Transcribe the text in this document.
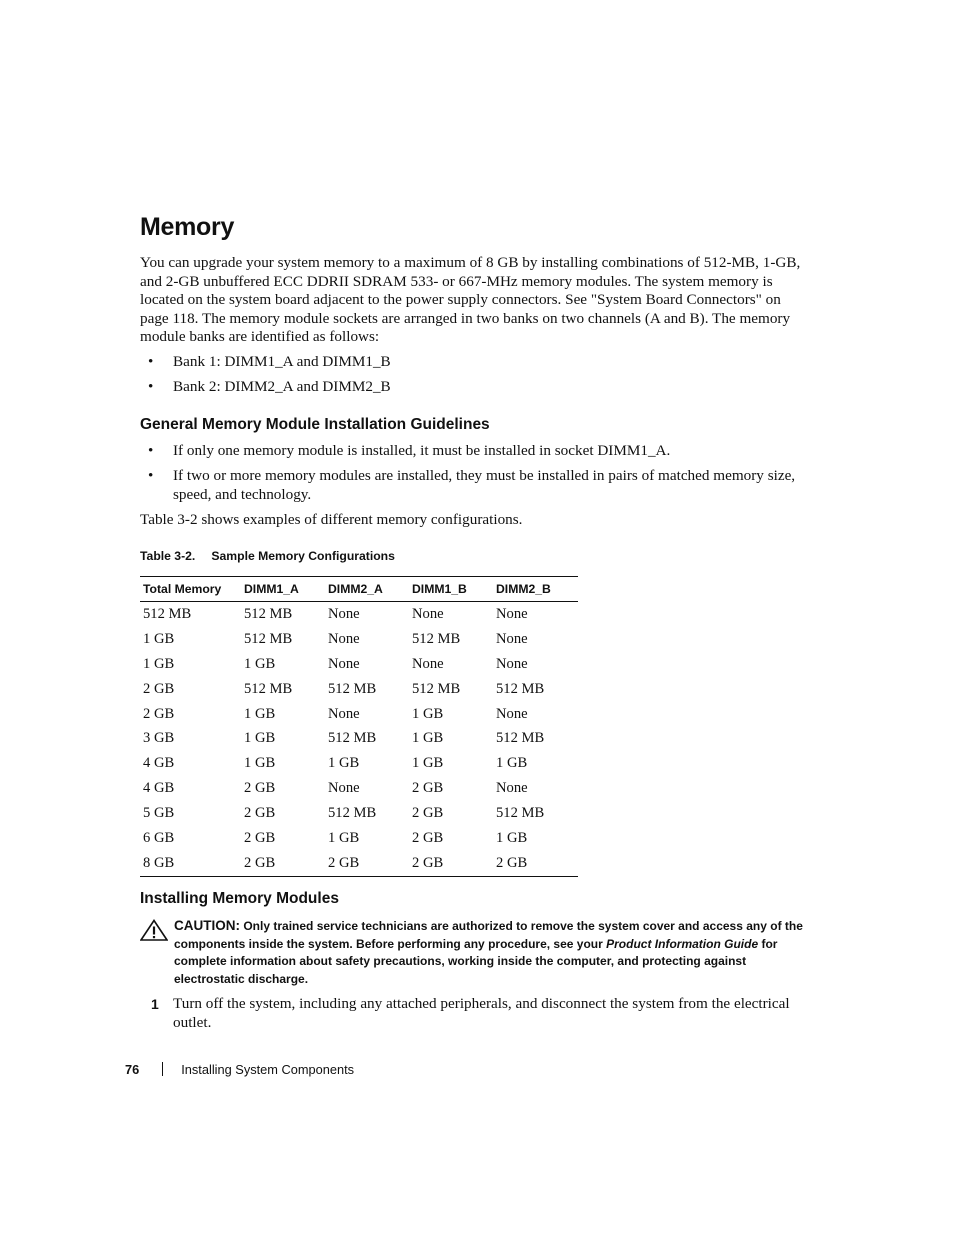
Memory

You can upgrade your system memory to a maximum of 8 GB by installing combinations of 512-MB, 1-GB, and 2-GB unbuffered ECC DDRII SDRAM 533- or 667-MHz memory modules. The system memory is located on the system board adjacent to the power supply connectors. See "System Board Connectors" on page 118. The memory module sockets are arranged in two banks on two channels (A and B). The memory module banks are identified as follows:

• Bank 1: DIMM1_A and DIMM1_B
• Bank 2: DIMM2_A and DIMM2_B
General Memory Module Installation Guidelines
• If only one memory module is installed, it must be installed in socket DIMM1_A.
• If two or more memory modules are installed, they must be installed in pairs of matched memory size, speed, and technology.

Table 3-2 shows examples of different memory configurations.

Table 3-2. Sample Memory Configurations
Total Memory	DIMM1_A	DIMM2_A	DIMM1_B	DIMM2_B
512 MB	512 MB	None	None	None
1 GB	512 MB	None	512 MB	None
1 GB	1 GB	None	None	None
2 GB	512 MB	512 MB	512 MB	512 MB
2 GB	1 GB	None	1 GB	None
3 GB	1 GB	512 MB	1 GB	512 MB
4 GB	1 GB	1 GB	1 GB	1 GB
4 GB	2 GB	None	2 GB	None
5 GB	2 GB	512 MB	2 GB	512 MB
6 GB	2 GB	1 GB	2 GB	1 GB
8 GB	2 GB	2 GB	2 GB	2 GB
Installing Memory Modules
CAUTION: Only trained service technicians are authorized to remove the system cover and access any of the components inside the system. Before performing any procedure, see your Product Information Guide for complete information about safety precautions, working inside the computer, and protecting against electrostatic discharge.
1 Turn off the system, including any attached peripherals, and disconnect the system from the electrical outlet.
76	Installing System Components
